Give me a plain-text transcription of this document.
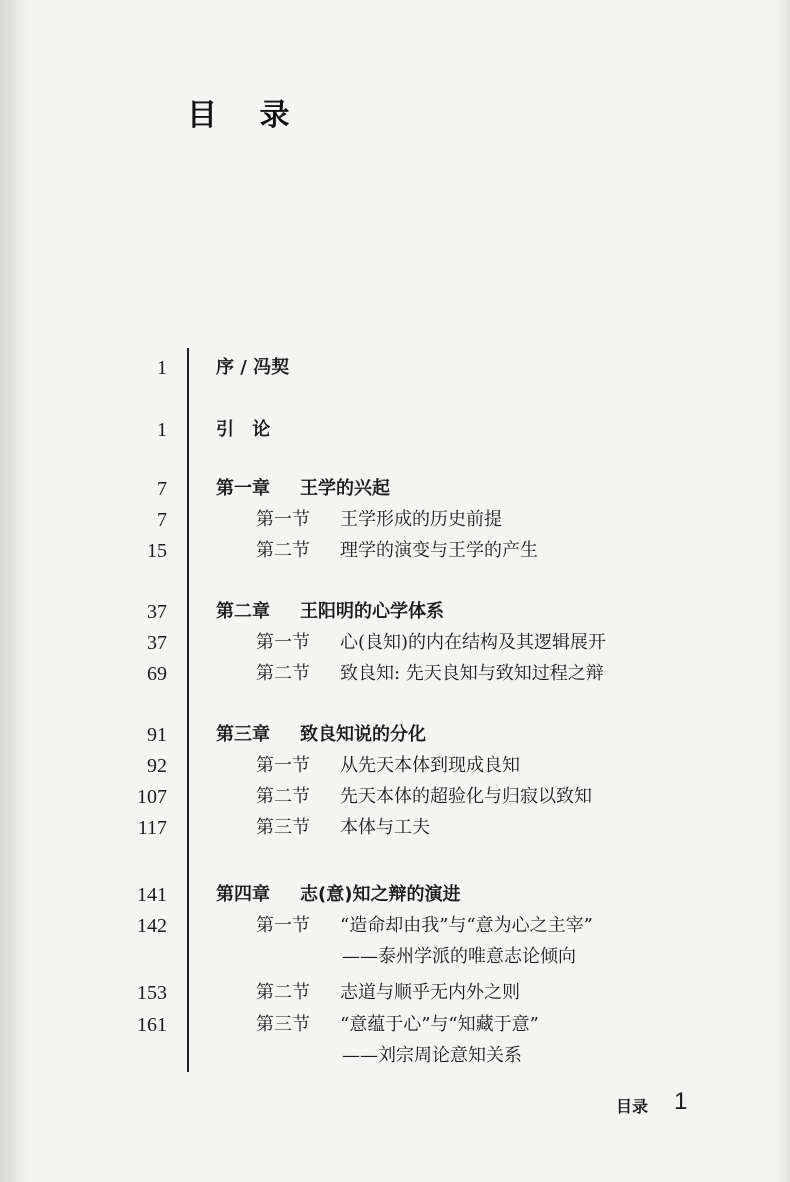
目 录
1	序 / 冯契
1	引 论
7	第一章 王学的兴起
7	第一节 王学形成的历史前提
15	第二节 理学的演变与王学的产生
37	第二章 王阳明的心学体系
37	第一节 心(良知)的内在结构及其逻辑展开
69	第二节 致良知: 先天良知与致知过程之辩
91	第三章 致良知说的分化
92	第一节 从先天本体到现成良知
107	第二节 先天本体的超验化与归寂以致知
117	第三节 本体与工夫
141	第四章 志(意)知之辩的演进
142	第一节 “造命却由我”与“意为心之主宰”
——泰州学派的唯意志论倾向
153	第二节 志道与顺乎无内外之则
161	第三节 “意蕴于心”与“知藏于意”
——刘宗周论意知关系
目录 1
